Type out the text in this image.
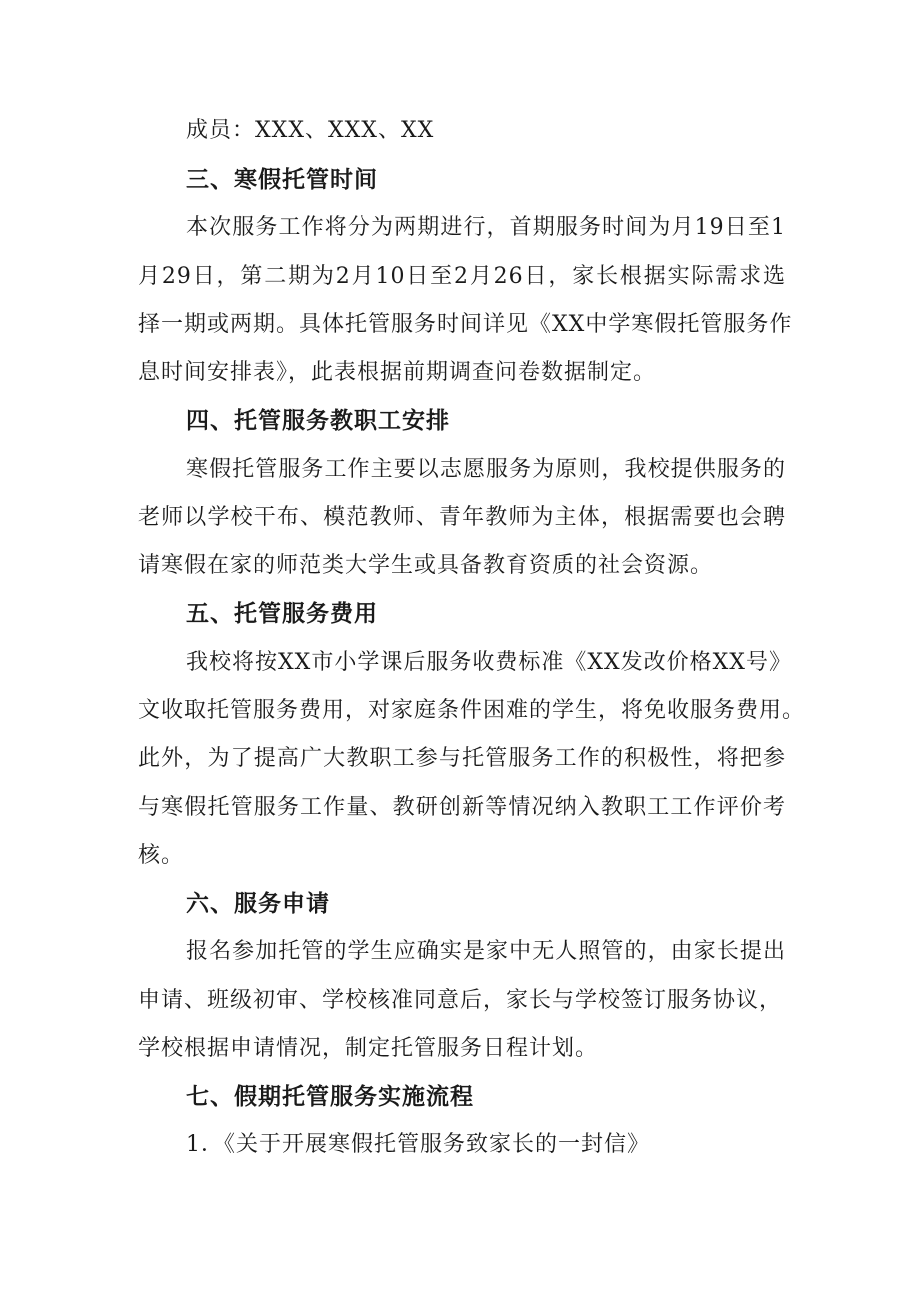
成员：XXX、XXX、XX
三、寒假托管时间
本次服务工作将分为两期进行，首期服务时间为月19日至1
月29日，第二期为2月10日至2月26日，家长根据实际需求选
择一期或两期。具体托管服务时间详见《XX中学寒假托管服务作
息时间安排表》，此表根据前期调查问卷数据制定。
四、托管服务教职工安排
寒假托管服务工作主要以志愿服务为原则，我校提供服务的
老师以学校干布、模范教师、青年教师为主体，根据需要也会聘
请寒假在家的师范类大学生或具备教育资质的社会资源。
五、托管服务费用
我校将按XX市小学课后服务收费标准《XX发改价格XX号》
文收取托管服务费用，对家庭条件困难的学生，将免收服务费用。
此外，为了提高广大教职工参与托管服务工作的积极性，将把参
与寒假托管服务工作量、教研创新等情况纳入教职工工作评价考
核。
六、服务申请
报名参加托管的学生应确实是家中无人照管的，由家长提出
申请、班级初审、学校核准同意后，家长与学校签订服务协议，
学校根据申请情况，制定托管服务日程计划。
七、假期托管服务实施流程
1．《关于开展寒假托管服务致家长的一封信》
